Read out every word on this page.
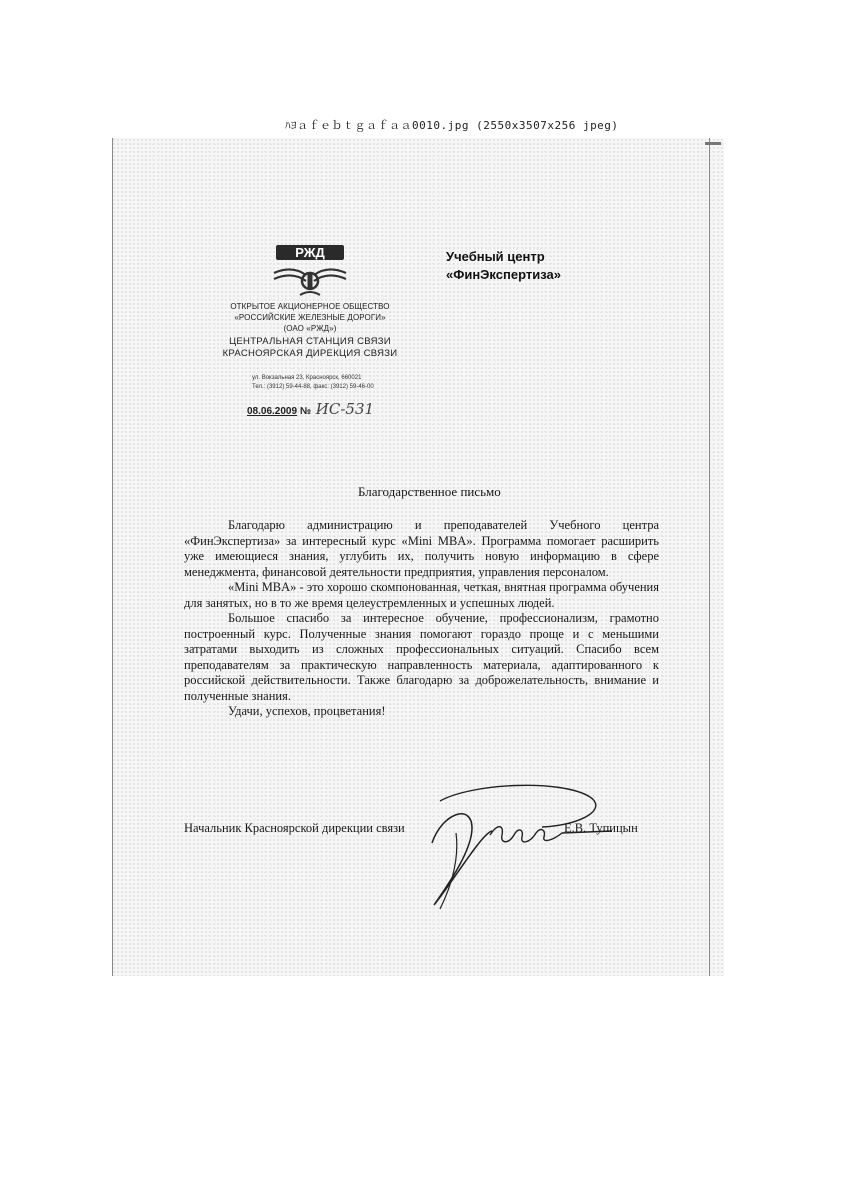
ﾊﾖａｆｅｂｔｇａｆａａ0010.jpg (2550x3507x256 jpeg)
РЖД
ОТКРЫТОЕ АКЦИОНЕРНОЕ ОБЩЕСТВО
«РОССИЙСКИЕ ЖЕЛЕЗНЫЕ ДОРОГИ»
(ОАО «РЖД»)
ЦЕНТРАЛЬНАЯ СТАНЦИЯ СВЯЗИ
КРАСНОЯРСКАЯ ДИРЕКЦИЯ СВЯЗИ
ул. Вокзальная 23, Красноярск, 660021
Тел.: (3912) 59-44-88, факс: (3912) 59-46-00
08.06.2009 № ИС-531
Учебный центр
«ФинЭкспертиза»
Благодарственное письмо

Благодарю администрацию и преподавателей Учебного центра «ФинЭкспертиза» за интересный курс «Mini MBA». Программа помогает расширить уже имеющиеся знания, углубить их, получить новую информацию в сфере менеджмента, финансовой деятельности предприятия, управления персоналом.

«Mini MBA» - это хорошо скомпонованная, четкая, внятная программа обучения для занятых, но в то же время целеустремленных и успешных людей.

Большое спасибо за интересное обучение, профессионализм, грамотно построенный курс. Полученные знания помогают гораздо проще и с меньшими затратами выходить из сложных профессиональных ситуаций. Спасибо всем преподавателям за практическую направленность материала, адаптированного к российской действительности. Также благодарю за доброжелательность, внимание и полученные знания.

Удачи, успехов, процветания!

Начальник Красноярской дирекции связи	Е.В. Тупицын
